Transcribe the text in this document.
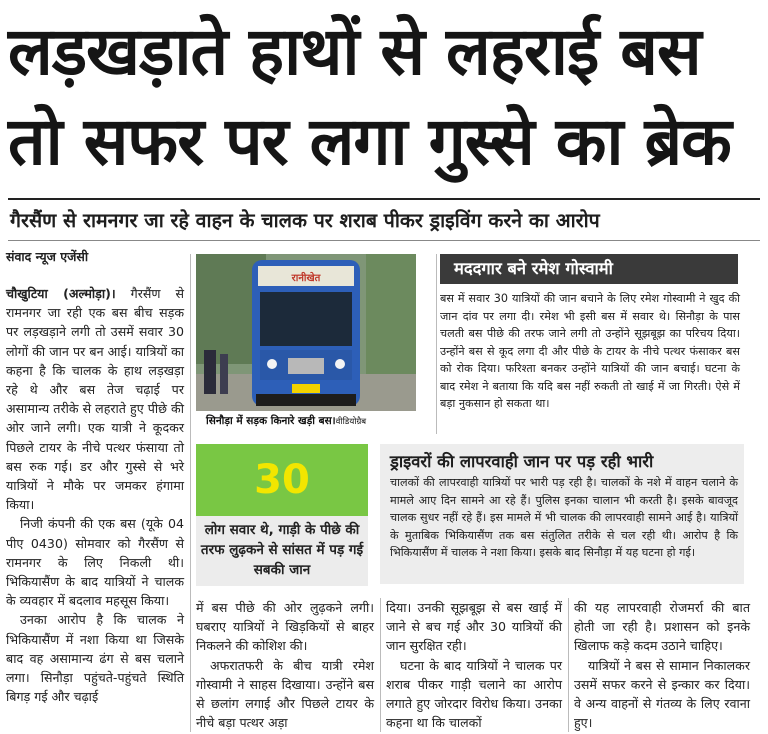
लड़खड़ाते हाथों से लहराई बस
तो सफर पर लगा गुस्से का ब्रेक
गैरसैंण से रामनगर जा रहे वाहन के चालक पर शराब पीकर ड्राइविंग करने का आरोप
संवाद न्यूज एजेंसी

चौखुटिया (अल्मोड़ा)। गैरसैंण से रामनगर जा रही एक बस बीच सड़क पर लड़खड़ाने लगी तो उसमें सवार 30 लोगों की जान पर बन आई। यात्रियों का कहना है कि चालक के हाथ लड़खड़ा रहे थे और बस तेज चढ़ाई पर असामान्य तरीके से लहराते हुए पीछे की ओर जाने लगी। एक यात्री ने कूदकर पिछले टायर के नीचे पत्थर फंसाया तो बस रुक गई। डर और गुस्से से भरे यात्रियों ने मौके पर जमकर हंगामा किया।

निजी कंपनी की एक बस (यूके 04 पीए 0430) सोमवार को गैरसैंण से रामनगर के लिए निकली थी। भिकियासैंण के बाद यात्रियों ने चालक के व्यवहार में बदलाव महसूस किया।

उनका आरोप है कि चालक ने भिकियासैंण में नशा किया था जिसके बाद वह असामान्य ढंग से बस चलाने लगा। सिनौड़ा पहुंचते-पहुंचते स्थिति बिगड़ गई और चढ़ाई

रानीखेत
सिनौड़ा में सड़क किनारे खड़ी बस।वीडियोग्रैब
मददगार बने रमेश गोस्वामी
बस में सवार 30 यात्रियों की जान बचाने के लिए रमेश गोस्वामी ने खुद की जान दांव पर लगा दी। रमेश भी इसी बस में सवार थे। सिनौड़ा के पास चलती बस पीछे की तरफ जाने लगी तो उन्होंने सूझबूझ का परिचय दिया। उन्होंने बस से कूद लगा दी और पीछे के टायर के नीचे पत्थर फंसाकर बस को रोक दिया। फरिश्ता बनकर उन्होंने यात्रियों की जान बचाई। घटना के बाद रमेश ने बताया कि यदि बस नहीं रुकती तो खाई में जा गिरती। ऐसे में बड़ा नुकसान हो सकता था।
30
लोग सवार थे, गाड़ी के पीछे की तरफ लुढ़कने से सांसत में पड़ गई सबकी जान
ड्राइवरों की लापरवाही जान पर पड़ रही भारी
चालकों की लापरवाही यात्रियों पर भारी पड़ रही है। चालकों के नशे में वाहन चलाने के मामले आए दिन सामने आ रहे हैं। पुलिस इनका चालान भी करती है। इसके बावजूद चालक सुधर नहीं रहे हैं। इस मामले में भी चालक की लापरवाही सामने आई है। यात्रियों के मुताबिक भिकियासैंण तक बस संतुलित तरीके से चल रही थी। आरोप है कि भिकियासैंण में चालक ने नशा किया। इसके बाद सिनौड़ा में यह घटना हो गई।

में बस पीछे की ओर लुढ़कने लगी। घबराए यात्रियों ने खिड़कियों से बाहर निकलने की कोशिश की।

अफरातफरी के बीच यात्री रमेश गोस्वामी ने साहस दिखाया। उन्होंने बस से छलांग लगाई और पिछले टायर के नीचे बड़ा पत्थर अड़ा

दिया। उनकी सूझबूझ से बस खाई में जाने से बच गई और 30 यात्रियों की जान सुरक्षित रही।

घटना के बाद यात्रियों ने चालक पर शराब पीकर गाड़ी चलाने का आरोप लगाते हुए जोरदार विरोध किया। उनका कहना था कि चालकों

की यह लापरवाही रोजमर्रा की बात होती जा रही है। प्रशासन को इनके खिलाफ कड़े कदम उठाने चाहिए।

यात्रियों ने बस से सामान निकालकर उसमें सफर करने से इन्कार कर दिया। वे अन्य वाहनों से गंतव्य के लिए रवाना हुए।
